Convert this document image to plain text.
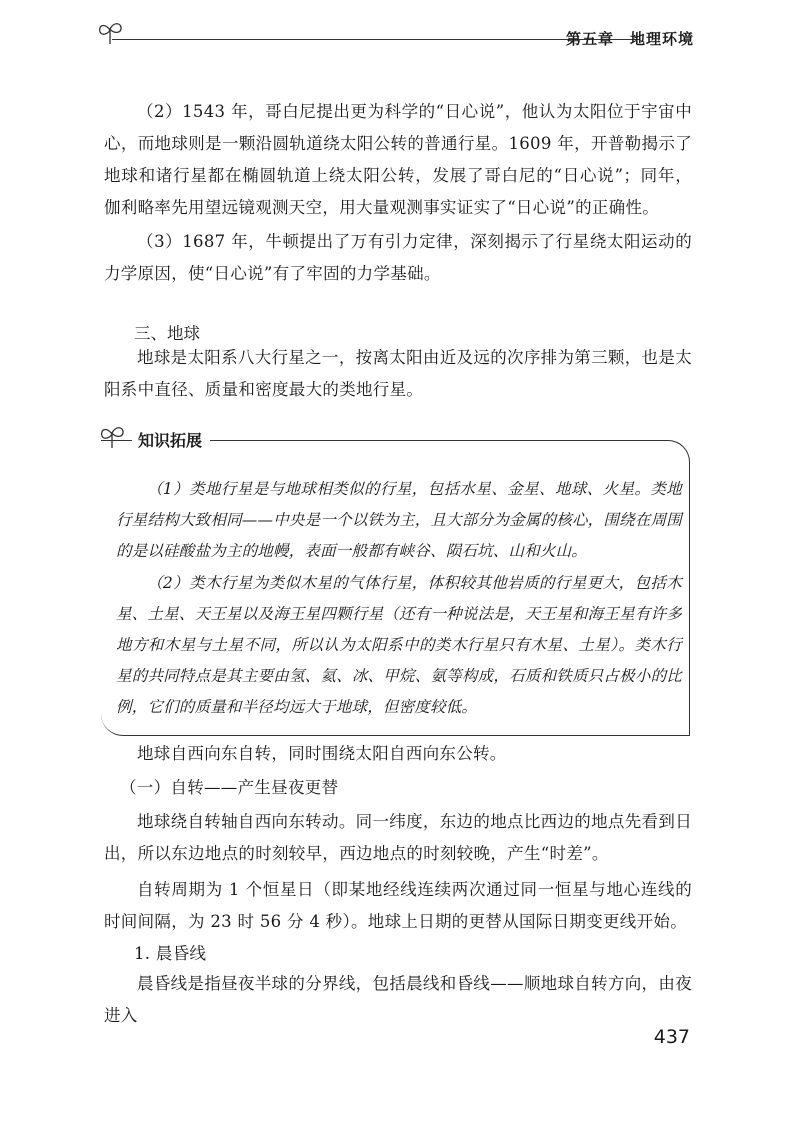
第五章 地理环境

（2）1543 年，哥白尼提出更为科学的“日心说”，他认为太阳位于宇宙中心，而地球则是一颗沿圆轨道绕太阳公转的普通行星。1609 年，开普勒揭示了地球和诸行星都在椭圆轨道上绕太阳公转，发展了哥白尼的“日心说”；同年，伽利略率先用望远镜观测天空，用大量观测事实证实了“日心说”的正确性。

（3）1687 年，牛顿提出了万有引力定律，深刻揭示了行星绕太阳运动的力学原因，使“日心说”有了牢固的力学基础。

三、地球

地球是太阳系八大行星之一，按离太阳由近及远的次序排为第三颗，也是太阳系中直径、质量和密度最大的类地行星。

知识拓展

（1）类地行星是与地球相类似的行星，包括水星、金星、地球、火星。类地行星结构大致相同——中央是一个以铁为主，且大部分为金属的核心，围绕在周围的是以硅酸盐为主的地幔，表面一般都有峡谷、陨石坑、山和火山。

（2）类木行星为类似木星的气体行星，体积较其他岩质的行星更大，包括木星、土星、天王星以及海王星四颗行星（还有一种说法是，天王星和海王星有许多地方和木星与土星不同，所以认为太阳系中的类木行星只有木星、土星）。类木行星的共同特点是其主要由氢、氦、冰、甲烷、氨等构成，石质和铁质只占极小的比例，它们的质量和半径均远大于地球，但密度较低。

地球自西向东自转，同时围绕太阳自西向东公转。

（一）自转——产生昼夜更替

地球绕自转轴自西向东转动。同一纬度，东边的地点比西边的地点先看到日出，所以东边地点的时刻较早，西边地点的时刻较晚，产生“时差”。

自转周期为 1 个恒星日（即某地经线连续两次通过同一恒星与地心连线的时间间隔，为 23 时 56 分 4 秒）。地球上日期的更替从国际日期变更线开始。

1. 晨昏线

晨昏线是指昼夜半球的分界线，包括晨线和昏线——顺地球自转方向，由夜进入

437
